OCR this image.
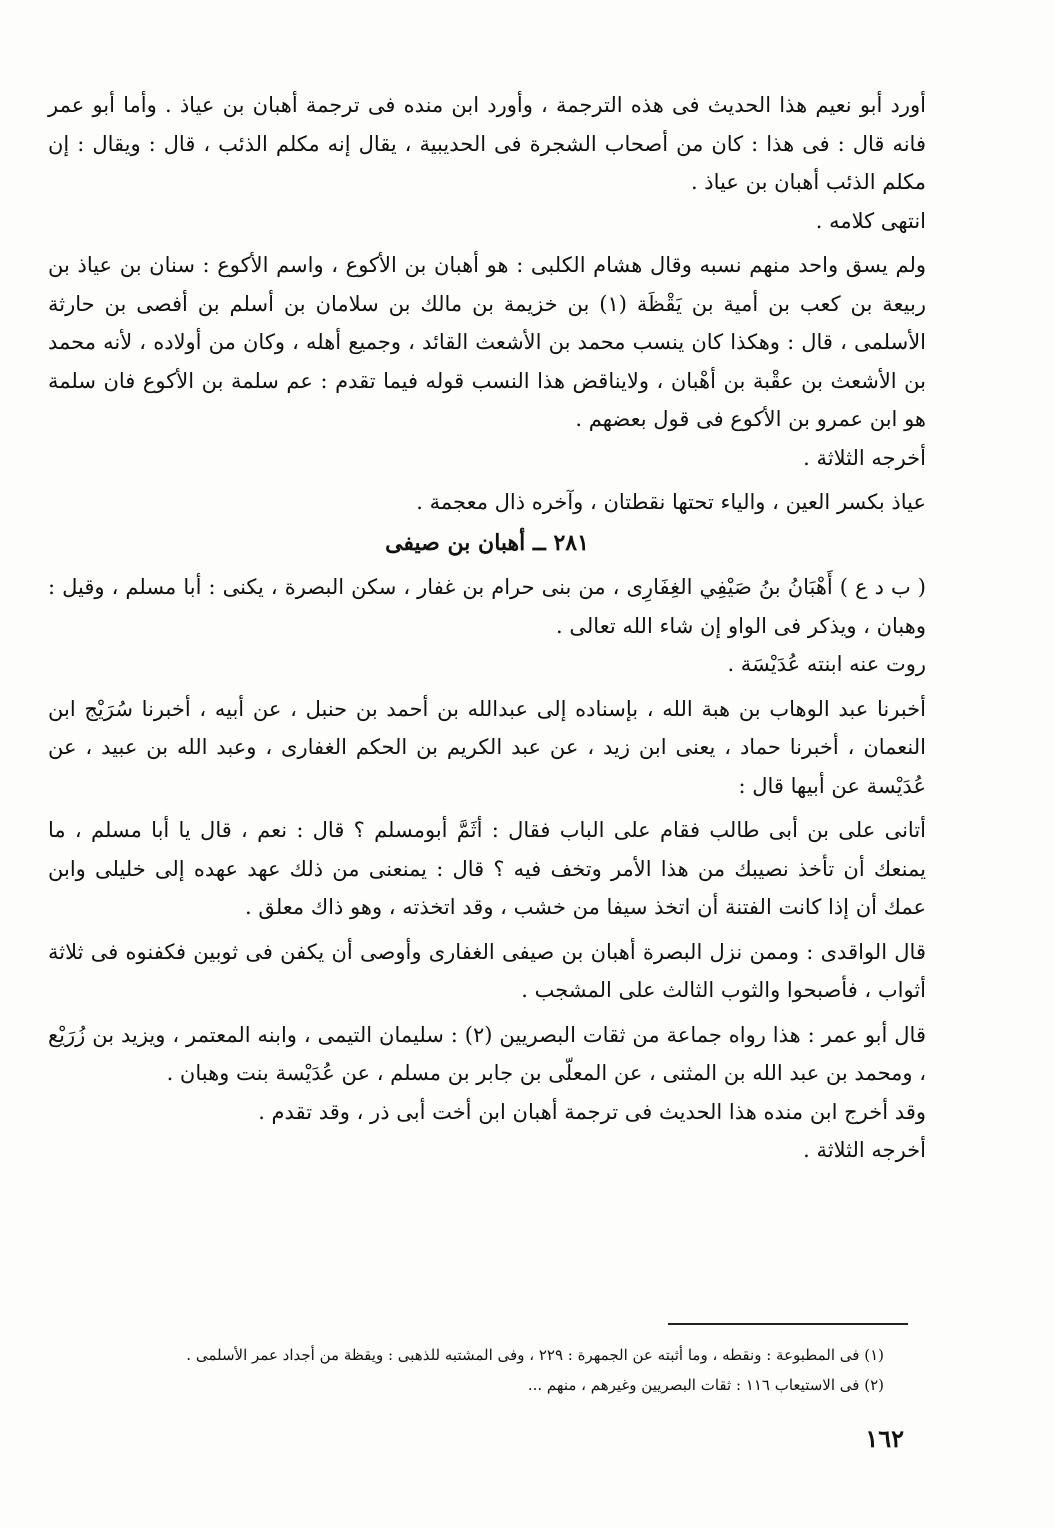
أورد أبو نعيم هذا الحديث فى هذه الترجمة ، وأورد ابن منده فى ترجمة أهبان بن عياذ . وأما أبو عمر فانه قال : فى هذا : كان من أصحاب الشجرة فى الحديبية ، يقال إنه مكلم الذئب ، قال : ويقال : إن مكلم الذئب أهبان بن عياذ .

انتهى كلامه .

ولم يسق واحد منهم نسبه وقال هشام الكلبى : هو أهبان بن الأكوع ، واسم الأكوع : سنان بن عياذ بن ربيعة بن كعب بن أمية بن يَقْظَة (١) بن خزيمة بن مالك بن سلامان بن أسلم بن أفصى بن حارثة الأسلمى ، قال : وهكذا كان ينسب محمد بن الأشعث القائد ، وجميع أهله ، وكان من أولاده ، لأنه محمد بن الأشعث بن عقْبة بن أهْبان ، ولايناقض هذا النسب قوله فيما تقدم : عم سلمة بن الأكوع فان سلمة هو ابن عمرو بن الأكوع فى قول بعضهم .

أخرجه الثلاثة .

عياذ بكسر العين ، والياء تحتها نقطتان ، وآخره ذال معجمة .

٢٨١ ــ أهبان بن صيفى

( ب د ع ) أَهْبَانُ بنُ صَيْفِي الغِفَارِى ، من بنى حرام بن غفار ، سكن البصرة ، يكنى : أبا مسلم ، وقيل : وهبان ، ويذكر فى الواو إن شاء الله تعالى .

روت عنه ابنته عُدَيْسَة .

أخبرنا عبد الوهاب بن هبة الله ، بإسناده إلى عبدالله بن أحمد بن حنبل ، عن أبيه ، أخبرنا سُرَيْج ابن النعمان ، أخبرنا حماد ، يعنى ابن زيد ، عن عبد الكريم بن الحكم الغفارى ، وعبد الله بن عبيد ، عن عُدَيْسة عن أبيها قال :

أتانى على بن أبى طالب فقام على الباب فقال : أثَمَّ أبومسلم ؟ قال : نعم ، قال يا أبا مسلم ، ما يمنعك أن تأخذ نصيبك من هذا الأمر وتخف فيه ؟ قال : يمنعنى من ذلك عهد عهده إلى خليلى وابن عمك أن إذا كانت الفتنة أن اتخذ سيفا من خشب ، وقد اتخذته ، وهو ذاك معلق .

قال الواقدى : وممن نزل البصرة أهبان بن صيفى الغفارى وأوصى أن يكفن فى ثوبين فكفنوه فى ثلاثة أثواب ، فأصبحوا والثوب الثالث على المشجب .

قال أبو عمر : هذا رواه جماعة من ثقات البصريين (٢) : سليمان التيمى ، وابنه المعتمر ، ويزيد بن زُرَيْع ، ومحمد بن عبد الله بن المثنى ، عن المعلّى بن جابر بن مسلم ، عن عُدَيْسة بنت وهبان .

وقد أخرج ابن منده هذا الحديث فى ترجمة أهبان ابن أخت أبى ذر ، وقد تقدم .

أخرجه الثلاثة .

(١) فى المطبوعة : ونقطه ، وما أثبته عن الجمهرة : ٢٢٩ ، وفى المشتبه للذهبى : ويقظة من أجداد عمر الأسلمى .

(٢) فى الاستيعاب ١١٦ : ثقات البصريين وغيرهم ، منهم ...

١٦٢
